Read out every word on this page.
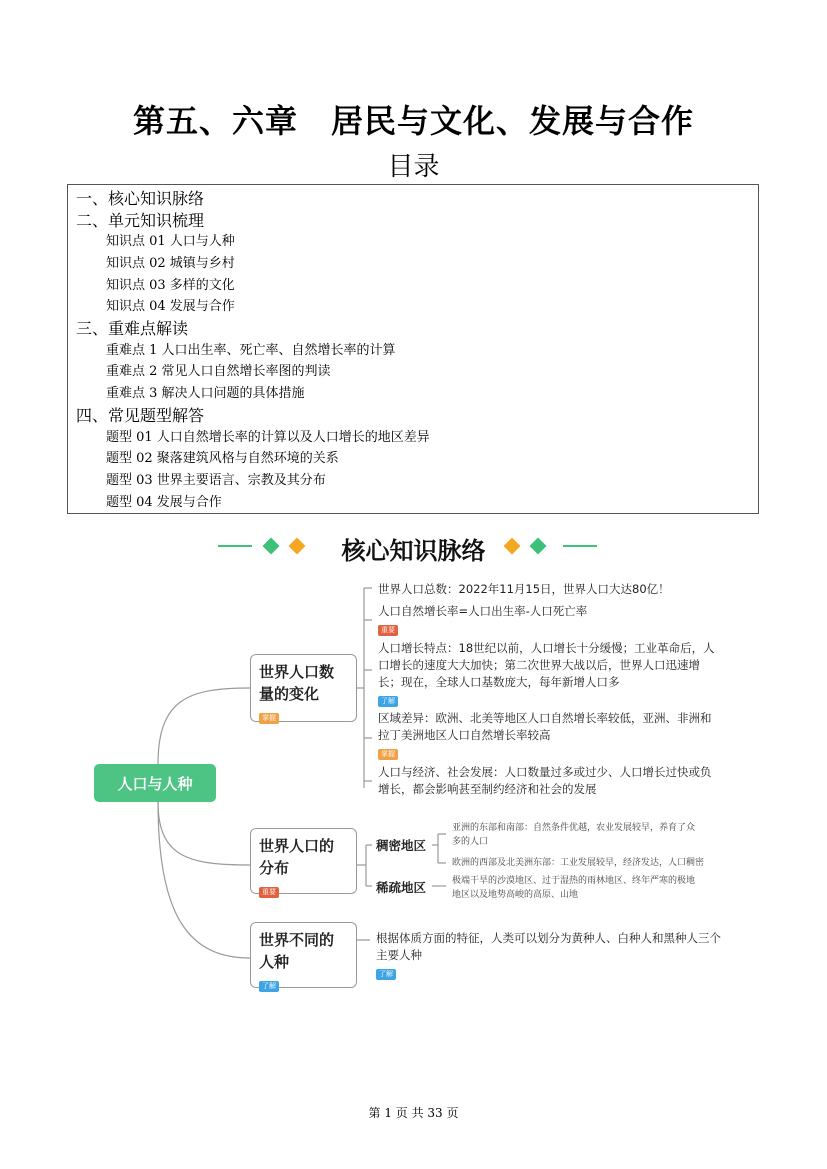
第五、六章　居民与文化、发展与合作
目录
一、核心知识脉络
二、单元知识梳理
知识点 01 人口与人种
知识点 02 城镇与乡村
知识点 03 多样的文化
知识点 04 发展与合作
三、重难点解读
重难点 1 人口出生率、死亡率、自然增长率的计算
重难点 2 常见人口自然增长率图的判读
重难点 3 解决人口问题的具体措施
四、常见题型解答
题型 01 人口自然增长率的计算以及人口增长的地区差异
题型 02 聚落建筑风格与自然环境的关系
题型 03 世界主要语言、宗教及其分布
题型 04 发展与合作
核心知识脉络
人口与人种
世界人口数
量的变化
掌握
世界人口总数：2022年11月15日，世界人口大达80亿！
人口自然增长率=人口出生率-人口死亡率
重要
人口增长特点：18世纪以前，人口增长十分缓慢；工业革命后，人
口增长的速度大大加快；第二次世界大战以后，世界人口迅速增
长；现在，全球人口基数庞大，每年新增人口多
了解
区域差异：欧洲、北美等地区人口自然增长率较低，亚洲、非洲和
拉丁美洲地区人口自然增长率较高
掌握
人口与经济、社会发展：人口数量过多或过少、人口增长过快或负
增长，都会影响甚至制约经济和社会的发展
世界人口的
分布
重要
稠密地区
亚洲的东部和南部：自然条件优越，农业发展较早，养育了众
多的人口
欧洲的西部及北美洲东部：工业发展较早，经济发达，人口稠密
稀疏地区	极端干旱的沙漠地区、过于湿热的雨林地区、终年严寒的极地
地区以及地势高峻的高原、山地
世界不同的
人种
了解
根据体质方面的特征，人类可以划分为黄种人、白种人和黑种人三个
主要人种
了解
第 1 页 共 33 页
